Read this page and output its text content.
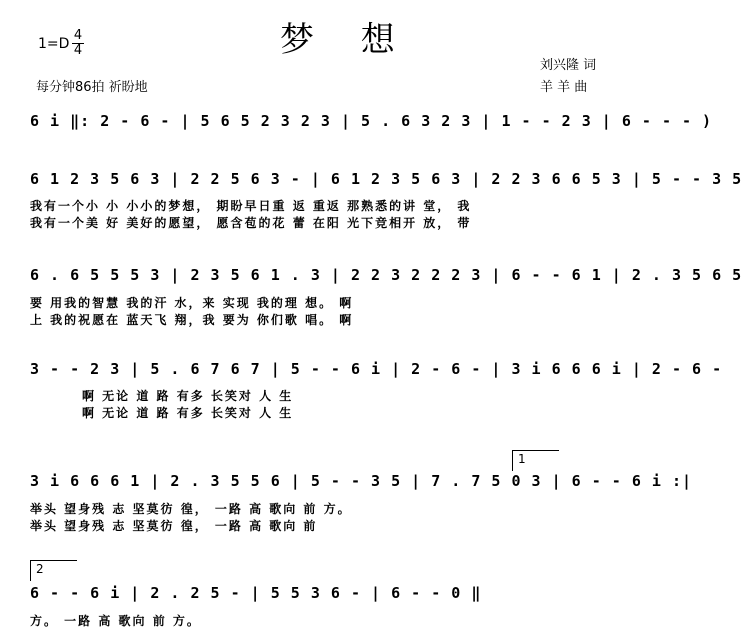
梦 想
1=D
4
4
每分钟86拍 祈盼地
刘兴隆 词
羊 羊 曲
6 i ‖: 2 - 6 - | 5 6 5 2 3 2 3 | 5 . 6 3 2 3 | 1 - - 2 3 | 6 - - - )
6 1 2 3 5 6 3 | 2 2 5 6 3 - | 6 1 2 3 5 6 3 | 2 2 3 6 6 5 3 | 5 - - 3 5
我有一个小 小 小小的梦想， 期盼早日重 返 重返 那熟悉的讲 堂， 我
我有一个美 好 美好的愿望， 愿含苞的花 蕾 在阳 光下竞相开 放， 带
6 . 6 5 5 5 3 | 2 3 5 6 1 . 3 | 2 2 3 2 2 2 3 | 6 - - 6 1 | 2 . 3 5 6 5
要 用我的智慧 我的汗 水，来 实现 我的理 想。 啊
上 我的祝愿在 蓝天飞 翔，我 要为 你们歌 唱。 啊
3 - - 2 3 | 5 . 6 7 6 7 | 5 - - 6 i | 2 - 6 - | 3 i 6 6 6 i | 2 - 6 -
啊 无论 道 路 有多 长笑对 人 生
啊 无论 道 路 有多 长笑对 人 生
1
3 i 6 6 6 1 | 2 . 3 5 5 6 | 5 - - 3 5 | 7 . 7 5 0 3 | 6 - - 6 i :|
举头 望身残 志 坚莫彷 徨， 一路 高 歌向 前 方。
举头 望身残 志 坚莫彷 徨， 一路 高 歌向 前
2
6 - - 6 i | 2 . 2 5 - | 5 5 3 6 - | 6 - - 0 ‖
方。 一路 高 歌向 前 方。
